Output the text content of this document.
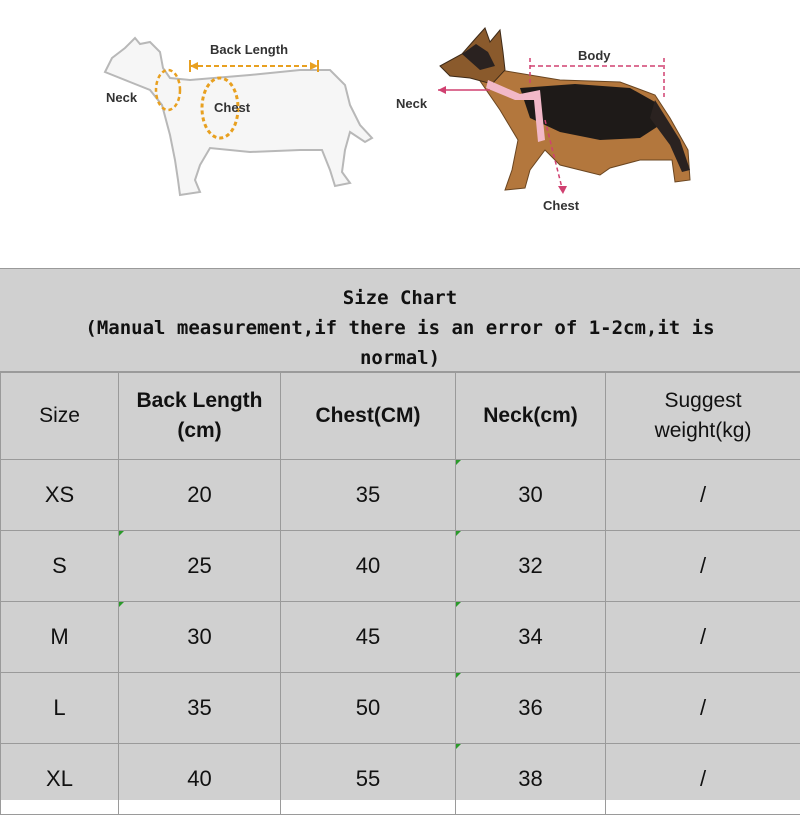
Back Length
Neck
Chest
Body
Neck
Chest
Size Chart
(Manual measurement,if there is an error of 1-2cm,it is
normal)
Size	Back Length (cm)	Chest(CM)	Neck(cm)	Suggest weight(kg)
XS	20	35	30	/
S	25	40	32	/
M	30	45	34	/
L	35	50	36	/
XL	40	55	38	/
